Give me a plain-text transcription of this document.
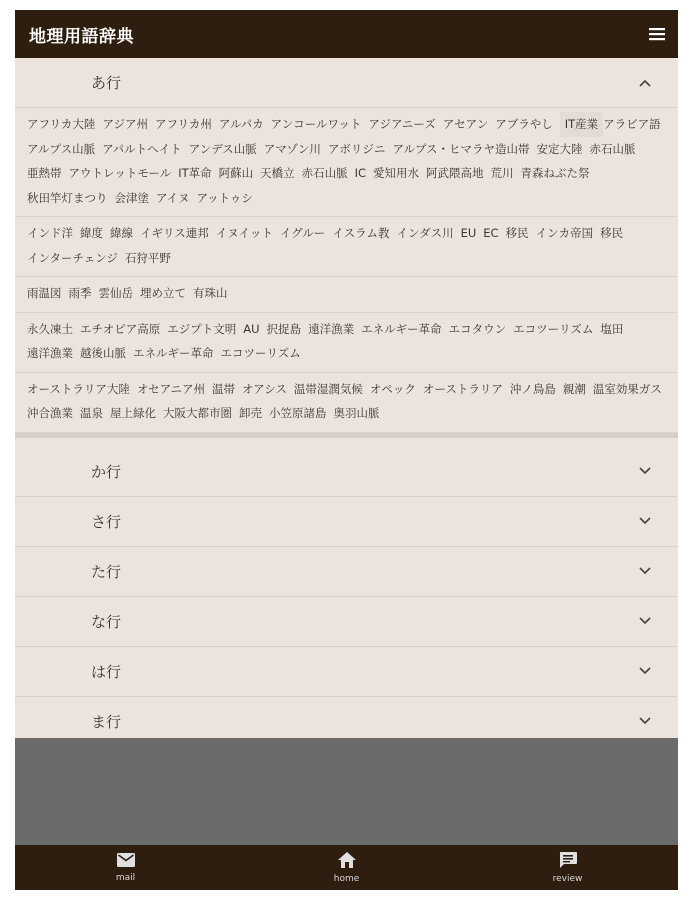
地理用語辞典
あ行
アフリカ大陸 アジア州 アフリカ州 アルパカ アンコールワット アジアニーズ アセアン アブラやし	IT産業 アラビア語
アルプス山脈 アパルトヘイト アンデス山脈 アマゾン川 アボリジニ アルプス・ヒマラヤ造山帯 安定大陸 赤石山脈
亜熱帯 アウトレットモール IT革命 阿蘇山 天橋立 赤石山脈 IC 愛知用水 阿武隈高地 荒川 青森ねぶた祭
秋田竿灯まつり 会津塗 アイヌ アットゥシ
インド洋 緯度 緯線 イギリス連邦 イヌイット イグルー イスラム教 インダス川 EU EC 移民 インカ帝国 移民
インターチェンジ 石狩平野
雨温図 雨季 雲仙岳 埋め立て 有珠山
永久凍土 エチオピア高原 エジプト文明 AU 択捉島 遠洋漁業 エネルギー革命 エコタウン エコツーリズム 塩田
遠洋漁業 越後山脈 エネルギー革命 エコツーリズム
オーストラリア大陸 オセアニア州 温帯 オアシス 温帯湿潤気候 オペック オーストラリア 沖ノ鳥島 親潮 温室効果ガス
沖合漁業 温泉 屋上緑化 大阪大都市圏 卸売 小笠原諸島 奥羽山脈
か行
さ行
た行
な行
は行
ま行
mail	home	review
